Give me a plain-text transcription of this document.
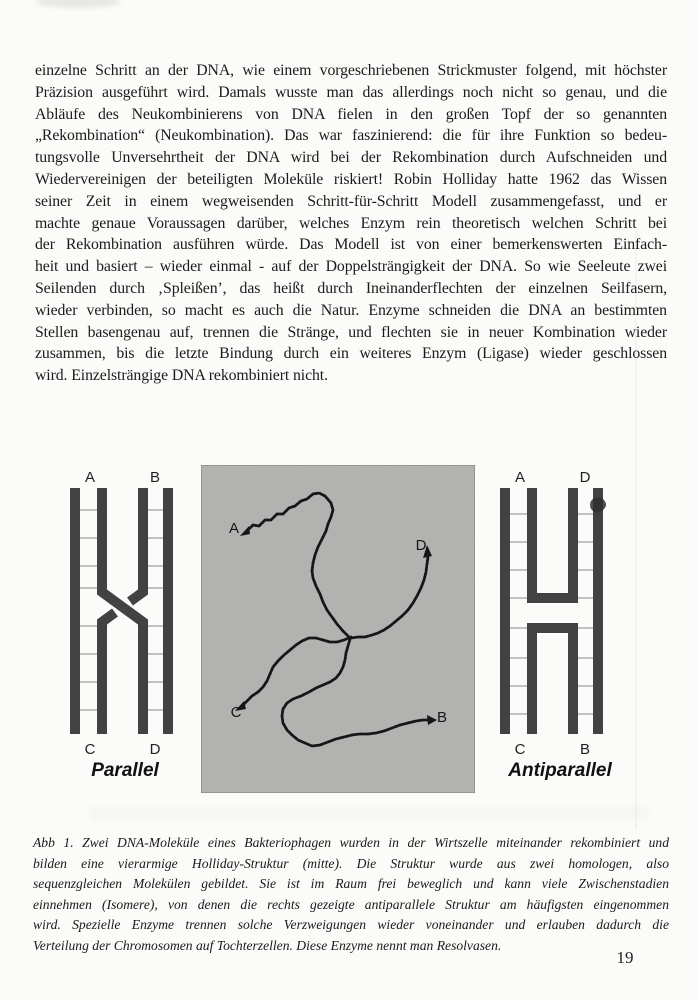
einzelne Schritt an der DNA, wie einem vorgeschriebenen Strickmuster folgend, mit höchster
Präzision ausgeführt wird. Damals wusste man das allerdings noch nicht so genau, und die
Abläufe des Neukombinierens von DNA fielen in den großen Topf der so genannten
„Rekombination“ (Neukombination). Das war faszinierend: die für ihre Funktion so bedeu-
tungsvolle Unversehrtheit der DNA wird bei der Rekombination durch Aufschneiden und
Wiedervereinigen der beteiligten Moleküle riskiert! Robin Holliday hatte 1962 das Wissen
seiner Zeit in einem wegweisenden Schritt-für-Schritt Modell zusammengefasst, und er
machte genaue Voraussagen darüber, welches Enzym rein theoretisch welchen Schritt bei
der Rekombination ausführen würde. Das Modell ist von einer bemerkenswerten Einfach-
heit und basiert – wieder einmal - auf der Doppelsträngigkeit der DNA. So wie Seeleute zwei
Seilenden durch ‚Spleißen’, das heißt durch Ineinanderflechten der einzelnen Seilfasern,
wieder verbinden, so macht es auch die Natur. Enzyme schneiden die DNA an bestimmten
Stellen basengenau auf, trennen die Stränge, und flechten sie in neuer Kombination wieder
zusammen, bis die letzte Bindung durch ein weiteres Enzym (Ligase) wieder geschlossen
wird. Einzelsträngige DNA rekombiniert nicht.
A	B
C	D
Parallel
A
D
C	B
A	D
C	B
Antiparallel
Abb 1. Zwei DNA-Moleküle eines Bakteriophagen wurden in der Wirtszelle miteinander rekombiniert und
bilden eine vierarmige Holliday-Struktur (mitte). Die Struktur wurde aus zwei homologen, also
sequenzgleichen Molekülen gebildet. Sie ist im Raum frei beweglich und kann viele Zwischenstadien
einnehmen (Isomere), von denen die rechts gezeigte antiparallele Struktur am häufigsten eingenommen
wird. Spezielle Enzyme trennen solche Verzweigungen wieder voneinander und erlauben dadurch die
Verteilung der Chromosomen auf Tochterzellen. Diese Enzyme nennt man Resolvasen.
19
